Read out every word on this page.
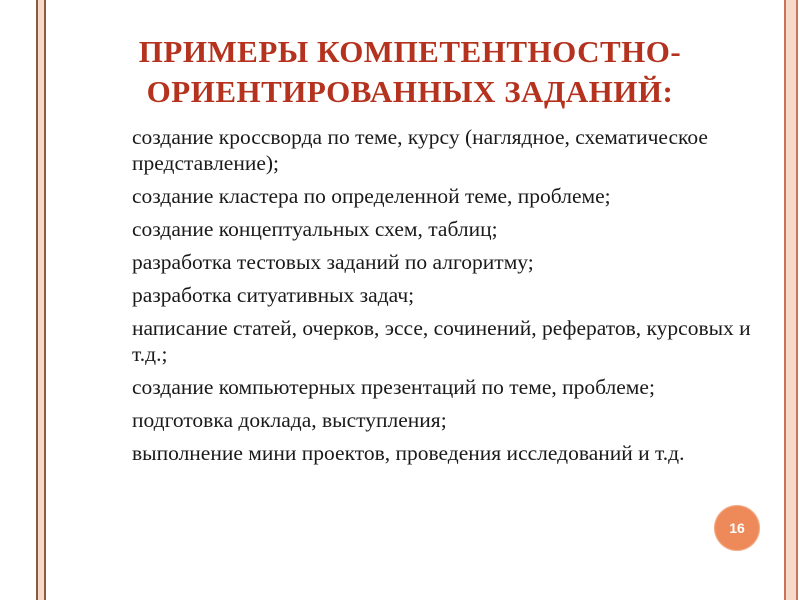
ПРИМЕРЫ КОМПЕТЕНТНОСТНО-ОРИЕНТИРОВАННЫХ ЗАДАНИЙ:
создание кроссворда по теме, курсу (наглядное, схематическое представление);
создание кластера по определенной теме, проблеме;
создание концептуальных схем, таблиц;
разработка тестовых заданий по алгоритму;
разработка ситуативных задач;
написание статей, очерков, эссе, сочинений, рефератов, курсовых и т.д.;
создание компьютерных презентаций по теме, проблеме;
подготовка доклада, выступления;
выполнение мини проектов, проведения исследований и т.д.
16
